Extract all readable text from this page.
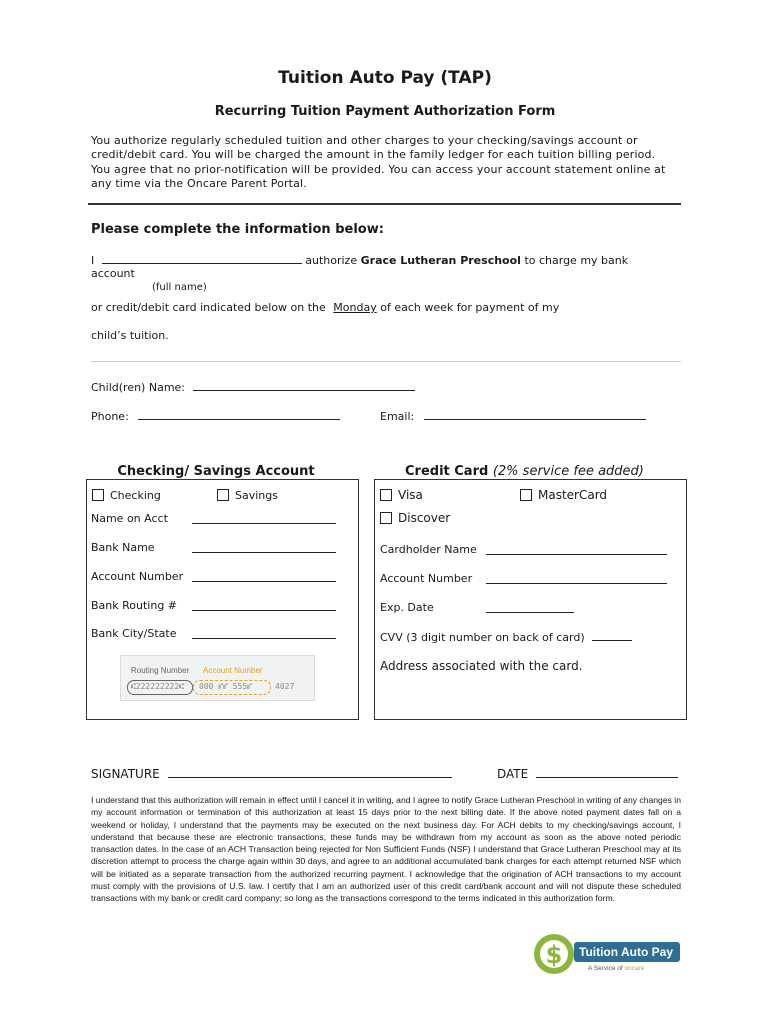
Tuition Auto Pay (TAP)
Recurring Tuition Payment Authorization Form
You authorize regularly scheduled tuition and other charges to your checking/savings account or
credit/debit card. You will be charged the amount in the family ledger for each tuition billing period.
You agree that no prior-notification will be provided. You can access your account statement online at
any time via the Oncare Parent Portal.
Please complete the information below:
I	authorize Grace Lutheran Preschool to charge my bank
account
(full name)
or credit/debit card indicated below on the Monday of each week for payment of my
child’s tuition.
Child(ren) Name:
Phone:	Email:
Checking/ Savings Account
Checking	Savings
Name on Acct
Bank Name
Account Number
Bank Routing #
Bank City/State
Routing Number Account Number
⑆222222222⑆ 000 ⑈⑈ 555⑈	4027
Credit Card (2% service fee added)
Visa	MasterCard
Discover
Cardholder Name
Account Number
Exp. Date
CVV (3 digit number on back of card)
Address associated with the card.
SIGNATURE	DATE
I understand that this authorization will remain in effect until I cancel it in writing, and I agree to notify Grace Lutheran Preschool in writing of any changes in my account information or termination of this authorization at least 15 days prior to the next billing date. If the above noted payment dates fall on a weekend or holiday, I understand that the payments may be executed on the next business day. For ACH debits to my checking/savings account, I understand that because these are electronic transactions, these funds may be withdrawn from my account as soon as the above noted periodic transaction dates. In the case of an ACH Transaction being rejected for Non Sufficient Funds (NSF) I understand that Grace Lutheran Preschool may at its discretion attempt to process the charge again within 30 days, and agree to an additional accumulated bank charges for each attempt returned NSF which will be initiated as a separate transaction from the authorized recurring payment. I acknowledge that the origination of ACH transactions to my account must comply with the provisions of U.S. law. I certify that I am an authorized user of this credit card/bank account and will not dispute these scheduled transactions with my bank or credit card company; so long as the transactions correspond to the terms indicated in this authorization form.
$	Tuition Auto Pay
A Service of oncare
